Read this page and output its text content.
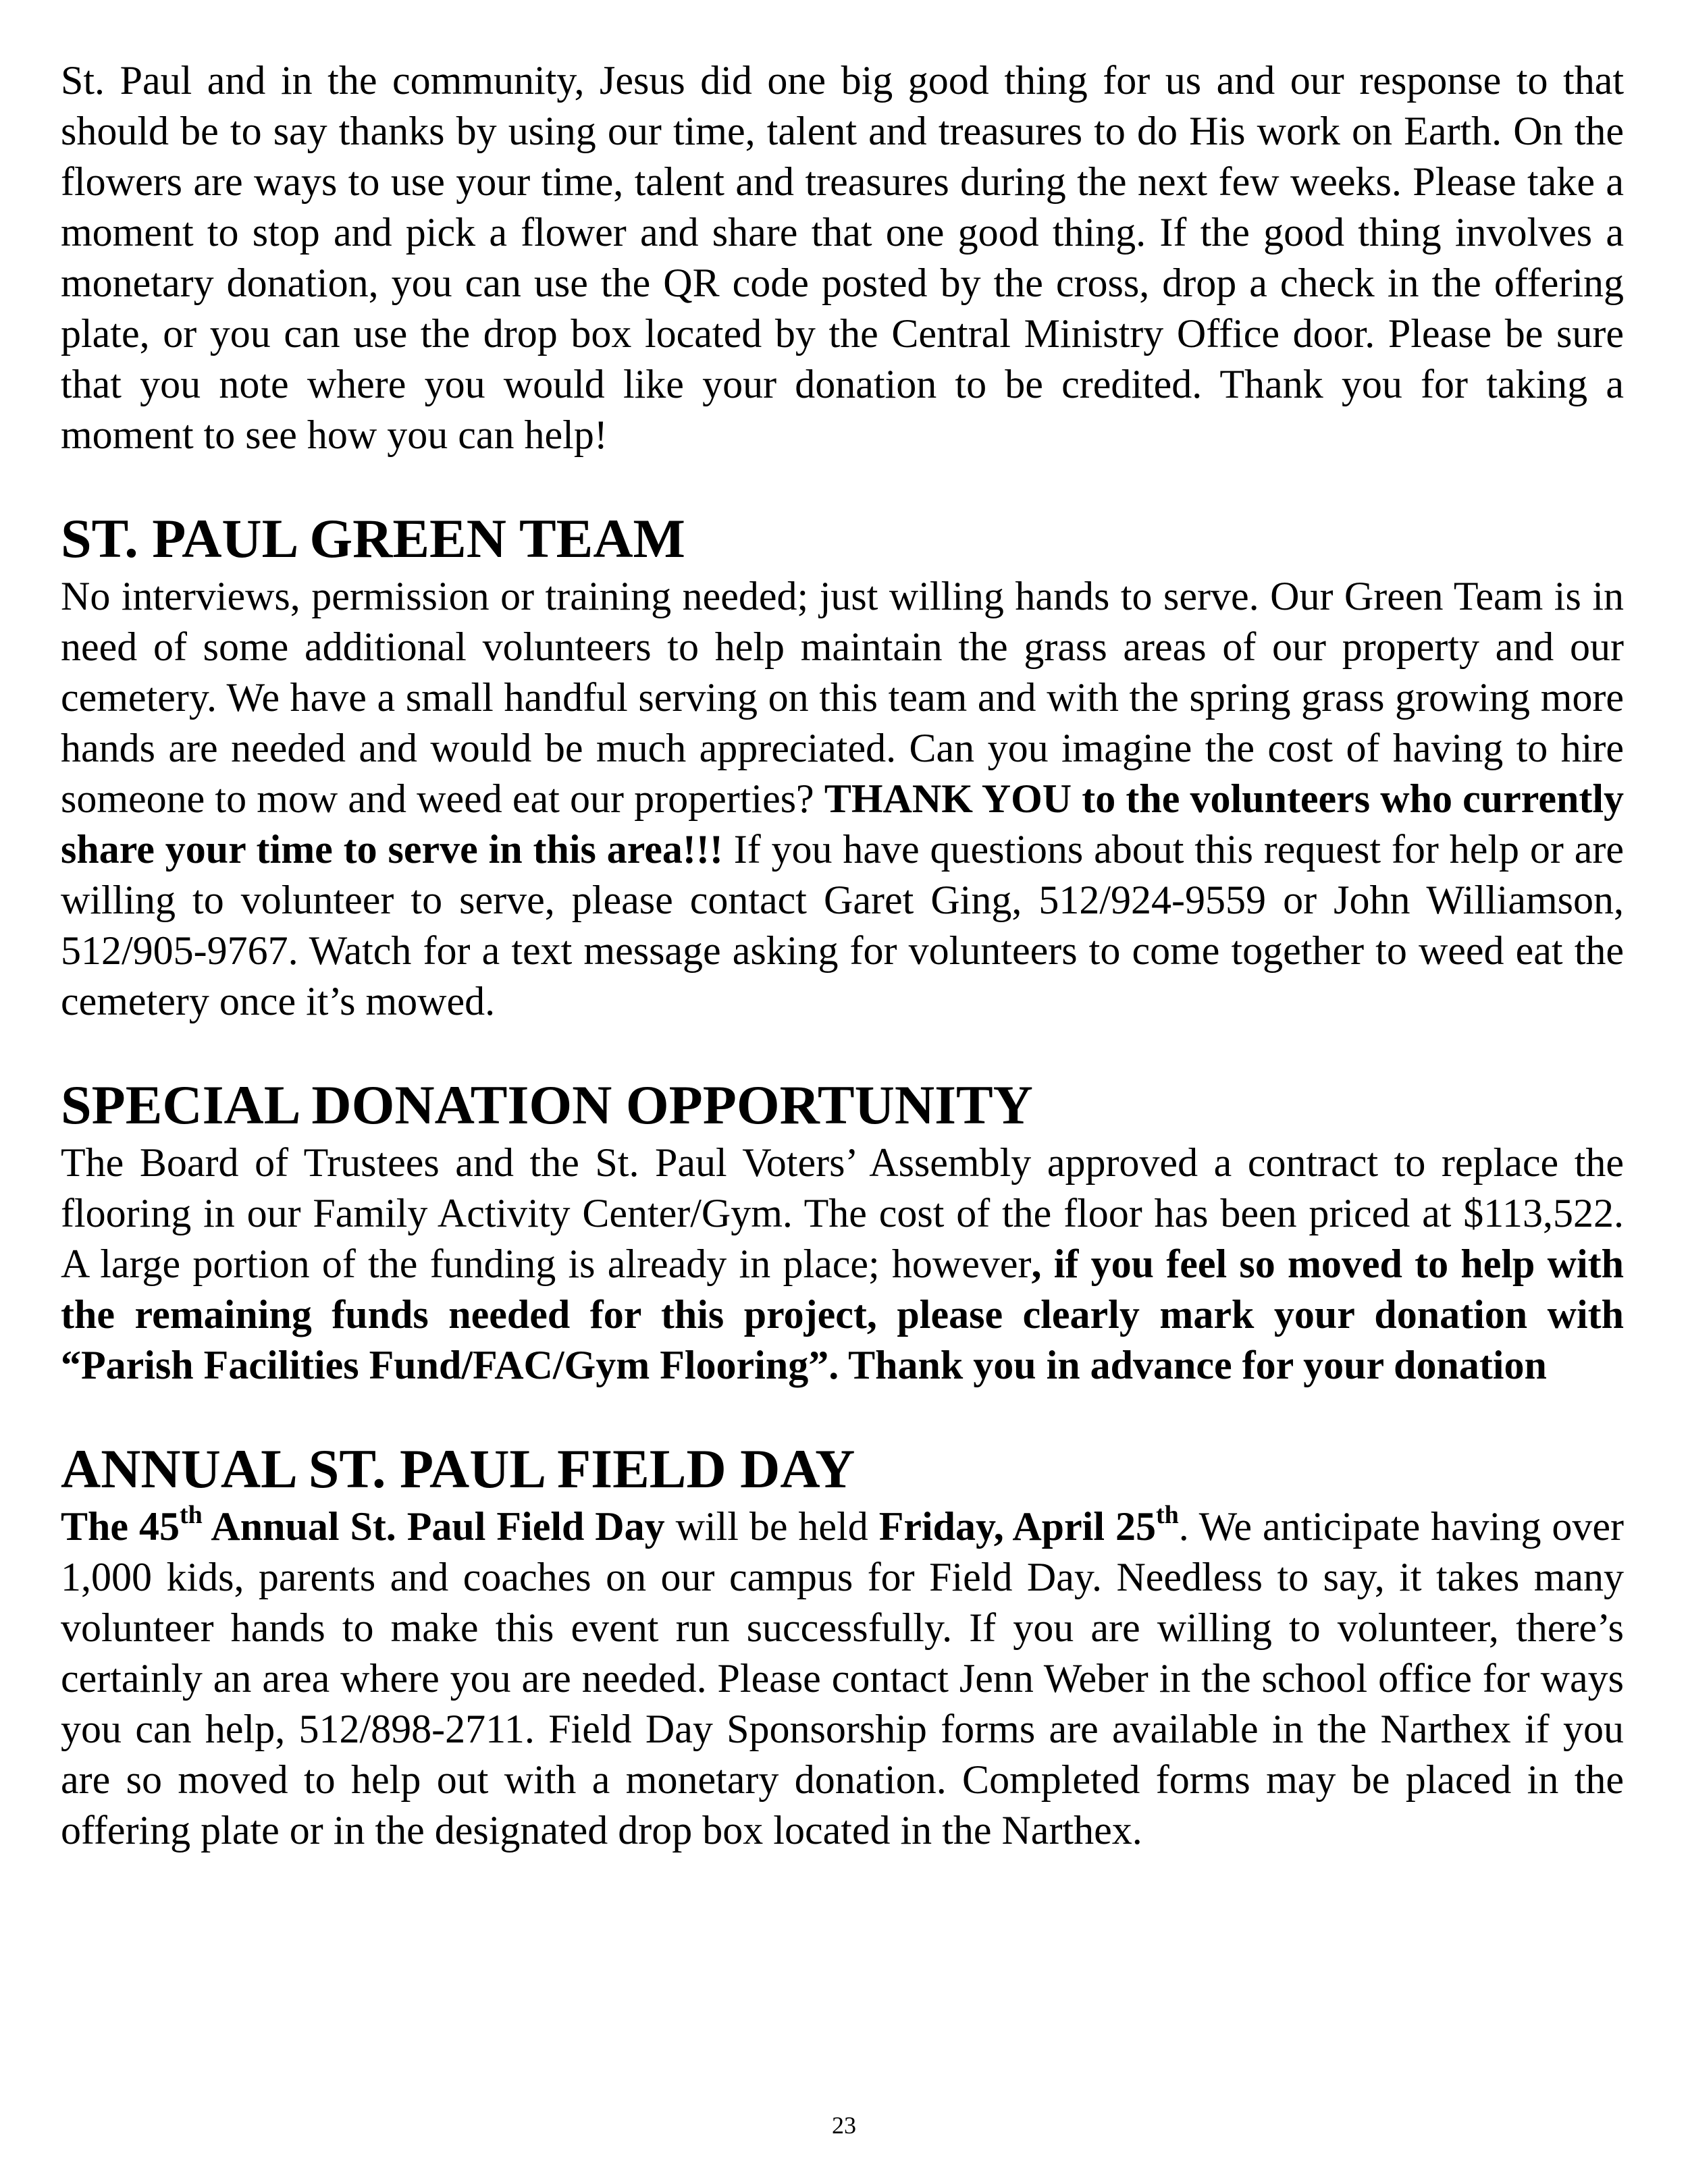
St. Paul and in the community, Jesus did one big good thing for us and our response to that should be to say thanks by using our time, talent and treasures to do His work on Earth. On the flowers are ways to use your time, talent and treasures during the next few weeks. Please take a moment to stop and pick a flower and share that one good thing. If the good thing involves a monetary donation, you can use the QR code posted by the cross, drop a check in the offering plate, or you can use the drop box located by the Central Ministry Office door. Please be sure that you note where you would like your donation to be credited. Thank you for taking a moment to see how you can help!

ST. PAUL GREEN TEAM

No interviews, permission or training needed; just willing hands to serve. Our Green Team is in need of some additional volunteers to help maintain the grass areas of our property and our cemetery. We have a small handful serving on this team and with the spring grass growing more hands are needed and would be much appreciated. Can you imagine the cost of having to hire someone to mow and weed eat our properties? THANK YOU to the volunteers who currently share your time to serve in this area!!! If you have questions about this request for help or are willing to volunteer to serve, please contact Garet Ging, 512/924-9559 or John Williamson, 512/905-9767. Watch for a text message asking for volunteers to come together to weed eat the cemetery once it’s mowed.

SPECIAL DONATION OPPORTUNITY

The Board of Trustees and the St. Paul Voters’ Assembly approved a contract to replace the flooring in our Family Activity Center/Gym. The cost of the floor has been priced at $113,522. A large portion of the funding is already in place; however, if you feel so moved to help with the remaining funds needed for this project, please clearly mark your donation with “Parish Facilities Fund/FAC/Gym Flooring”. Thank you in advance for your donation

ANNUAL ST. PAUL FIELD DAY

The 45th Annual St. Paul Field Day will be held Friday, April 25th. We anticipate having over 1,000 kids, parents and coaches on our campus for Field Day. Needless to say, it takes many volunteer hands to make this event run successfully. If you are willing to volunteer, there’s certainly an area where you are needed. Please contact Jenn Weber in the school office for ways you can help, 512/898-2711. Field Day Sponsorship forms are available in the Narthex if you are so moved to help out with a monetary donation. Completed forms may be placed in the offering plate or in the designated drop box located in the Narthex.

23
